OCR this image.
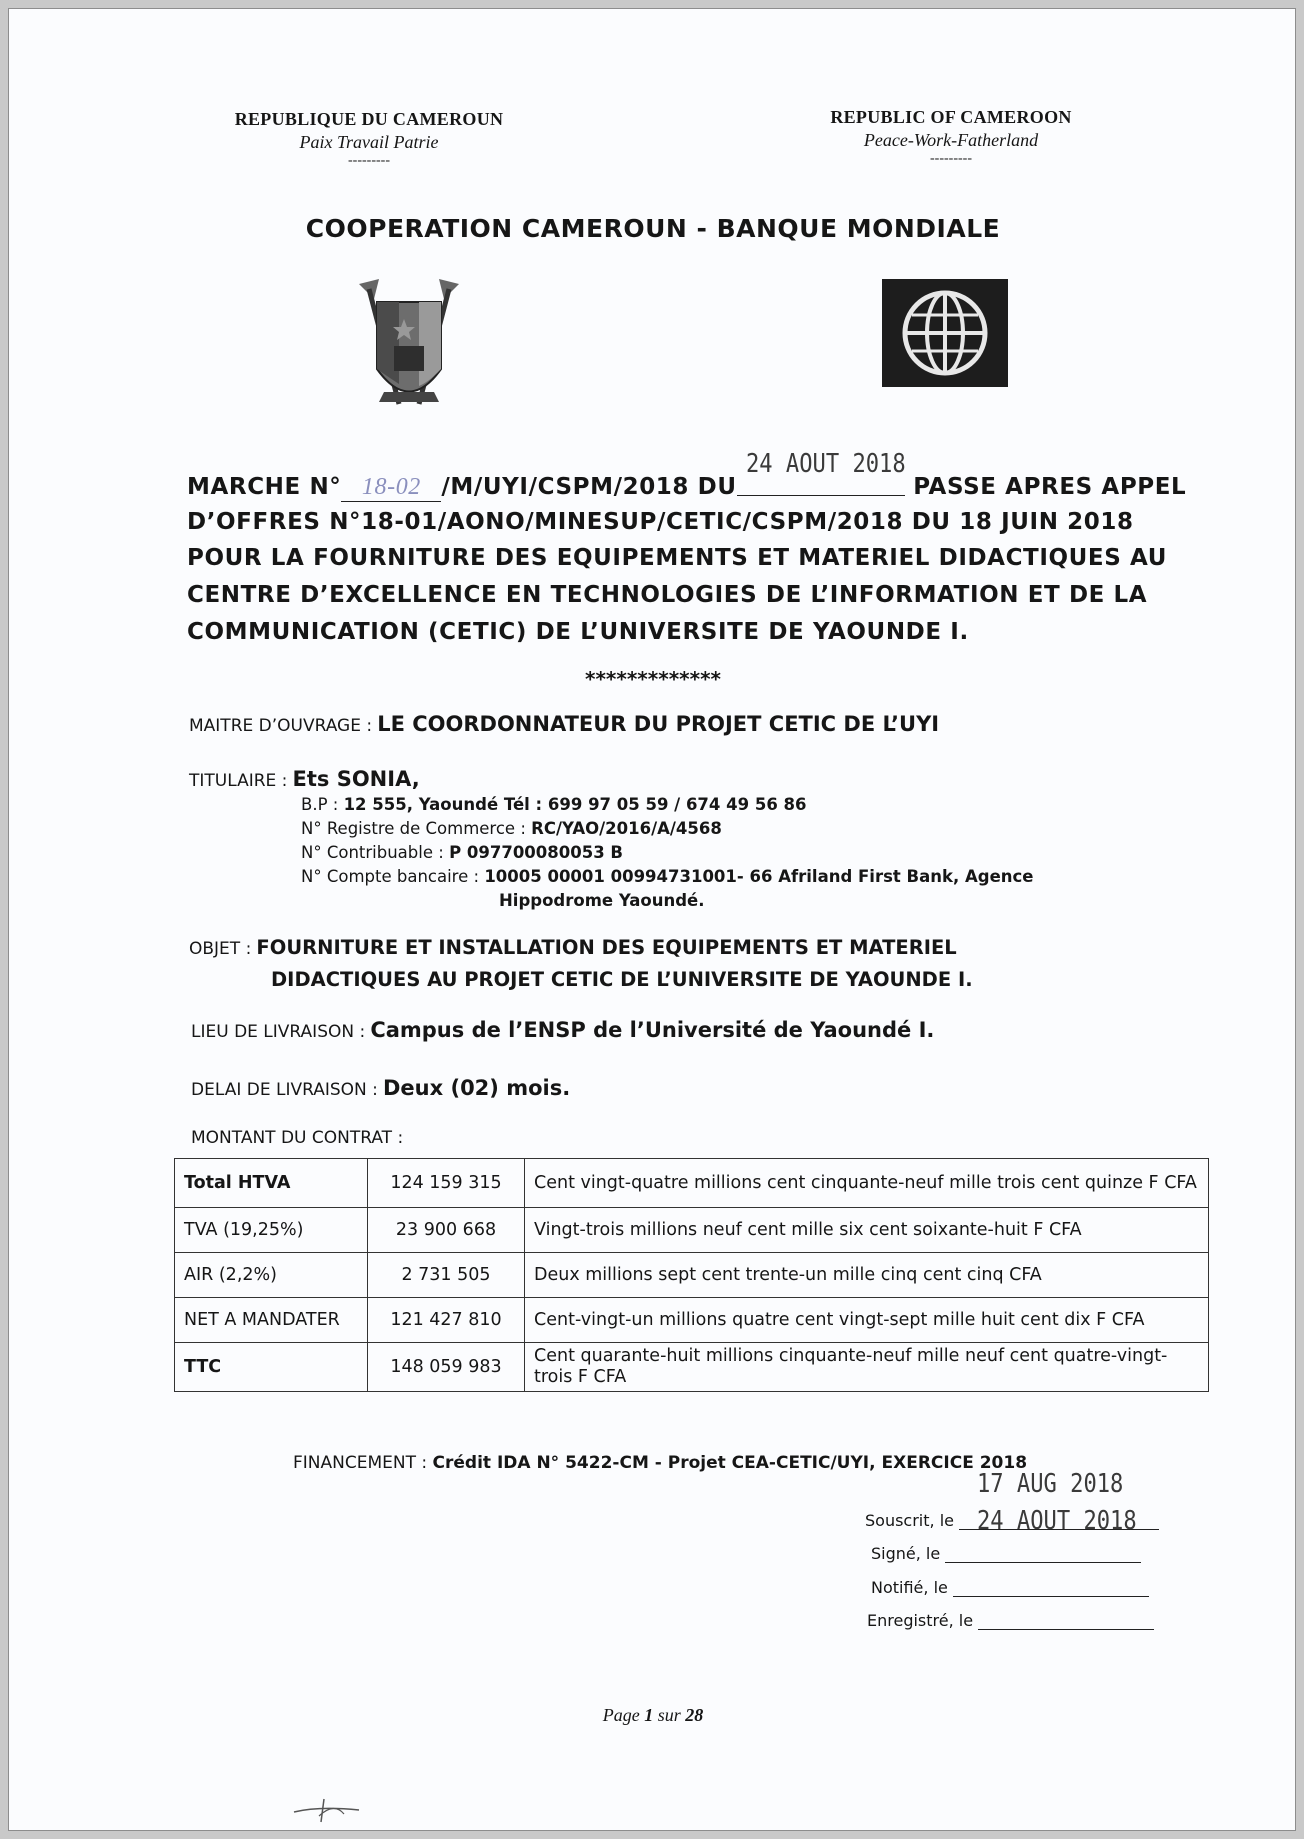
REPUBLIQUE DU CAMEROUN
Paix Travail Patrie
---------
REPUBLIC OF CAMEROON
Peace-Work-Fatherland
---------
COOPERATION CAMEROUN - BANQUE MONDIALE
MARCHE N° 18-02 /M/UYI/CSPM/2018 DU	PASSE APRES APPEL
24 AOUT 2018
D’OFFRES N°18-01/AONO/MINESUP/CETIC/CSPM/2018 DU 18 JUIN 2018
POUR LA FOURNITURE DES EQUIPEMENTS ET MATERIEL DIDACTIQUES AU
CENTRE D’EXCELLENCE EN TECHNOLOGIES DE L’INFORMATION ET DE LA
COMMUNICATION (CETIC) DE L’UNIVERSITE DE YAOUNDE I.
*************
MAITRE D’OUVRAGE : LE COORDONNATEUR DU PROJET CETIC DE L’UYI
TITULAIRE : Ets SONIA,
B.P : 12 555, Yaoundé Tél : 699 97 05 59 / 674 49 56 86
N° Registre de Commerce : RC/YAO/2016/A/4568
N° Contribuable : P 097700080053 B
N° Compte bancaire : 10005 00001 00994731001- 66 Afriland First Bank, Agence
Hippodrome Yaoundé.
OBJET : FOURNITURE ET INSTALLATION DES EQUIPEMENTS ET MATERIEL
DIDACTIQUES AU PROJET CETIC DE L’UNIVERSITE DE YAOUNDE I.
LIEU DE LIVRAISON : Campus de l’ENSP de l’Université de Yaoundé I.
DELAI DE LIVRAISON : Deux (02) mois.
MONTANT DU CONTRAT :
Total HTVA	124 159 315	Cent vingt-quatre millions cent cinquante-neuf mille trois cent quinze F CFA
TVA (19,25%)	23 900 668	Vingt-trois millions neuf cent mille six cent soixante-huit F CFA
AIR (2,2%)	2 731 505	Deux millions sept cent trente-un mille cinq cent cinq CFA
NET A MANDATER	121 427 810	Cent-vingt-un millions quatre cent vingt-sept mille huit cent dix F CFA
TTC	148 059 983	Cent quarante-huit millions cinquante-neuf mille neuf cent quatre-vingt-trois F CFA
FINANCEMENT : Crédit IDA N° 5422-CM - Projet CEA-CETIC/UYI, EXERCICE 2018
17 AUG 2018
24 AOUT 2018
Souscrit, le
Signé, le
Notifié, le
Enregistré, le
Page 1 sur 28
